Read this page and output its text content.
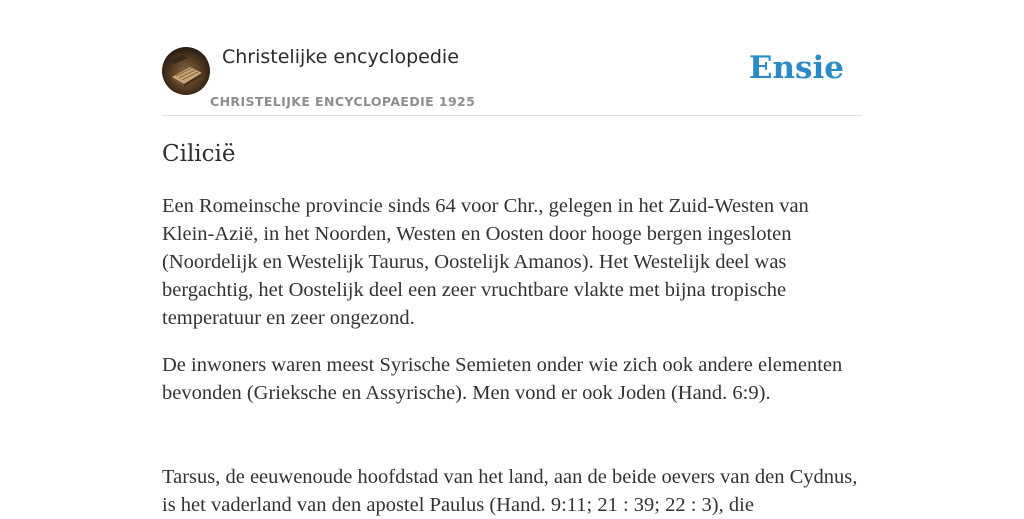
Christelijke encyclopedie
CHRISTELIJKE ENCYCLOPAEDIE 1925
Ensie
Cilicië

Een Romeinsche provincie sinds 64 voor Chr., gelegen in het Zuid-Westen van Klein-Azië, in het Noorden, Westen en Oosten door hooge bergen ingesloten (Noordelijk en Westelijk Taurus, Oostelijk Amanos). Het Westelijk deel was bergachtig, het Oostelijk deel een zeer vruchtbare vlakte met bijna tropische temperatuur en zeer ongezond.

De inwoners waren meest Syrische Semieten onder wie zich ook andere elementen bevonden (Grieksche en Assyrische). Men vond er ook Joden (Hand. 6:9).

Tarsus, de eeuwenoude hoofdstad van het land, aan de beide oevers van den Cydnus, is het vaderland van den apostel Paulus (Hand. 9:11; 21 : 39; 22 : 3), die
